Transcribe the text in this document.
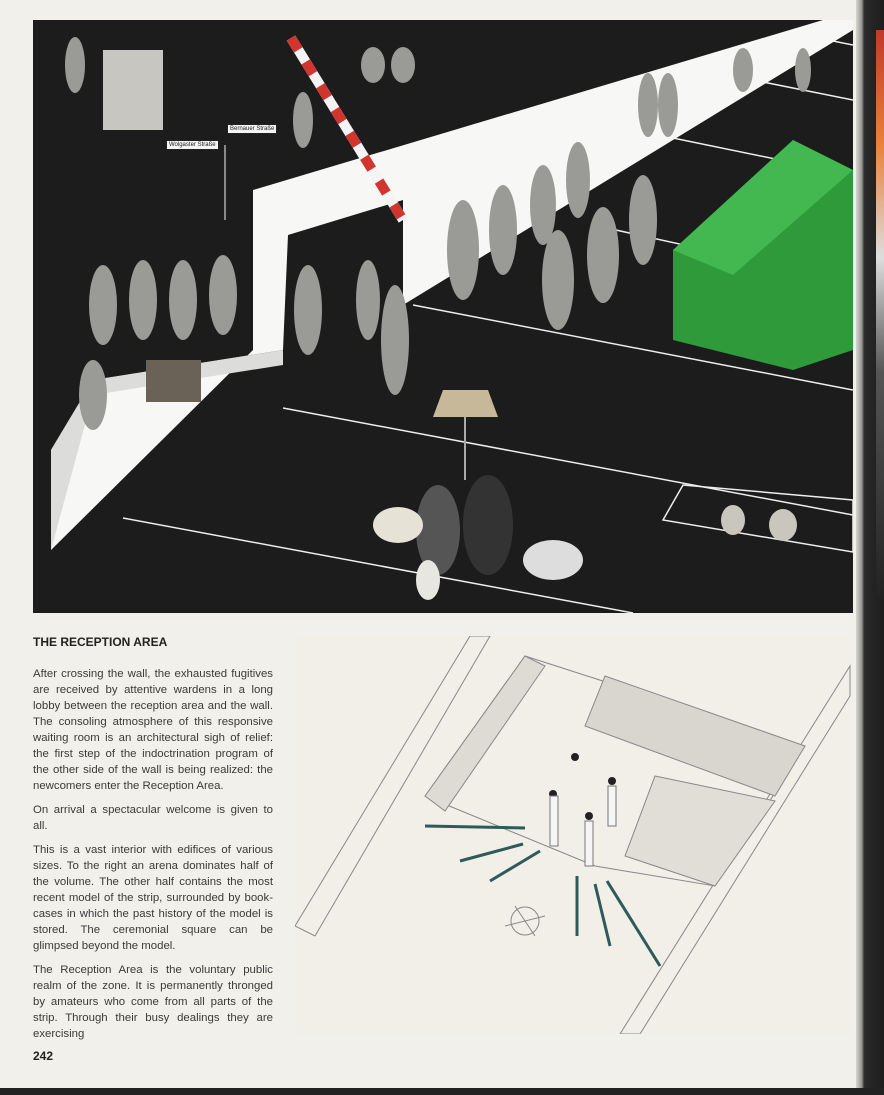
Wolgaster Straße
Bernauer Straße
THE RECEPTION AREA

After crossing the wall, the exhausted fugitives are received by attentive wardens in a long lobby between the reception area and the wall. The consoling atmosphere of this responsive waiting room is an architectural sigh of relief: the first step of the indoctrination program of the other side of the wall is being realized: the newcomers enter the Reception Area.

On arrival a spectacular welcome is given to all.

This is a vast interior with edifices of various sizes. To the right an arena dominates half of the volume. The other half contains the most recent model of the strip, surrounded by book-cases in which the past history of the model is stored. The ceremonial square can be glimpsed beyond the model.

The Reception Area is the voluntary public realm of the zone. It is permanently thronged by amateurs who come from all parts of the strip. Through their busy dealings they are exercising

242
